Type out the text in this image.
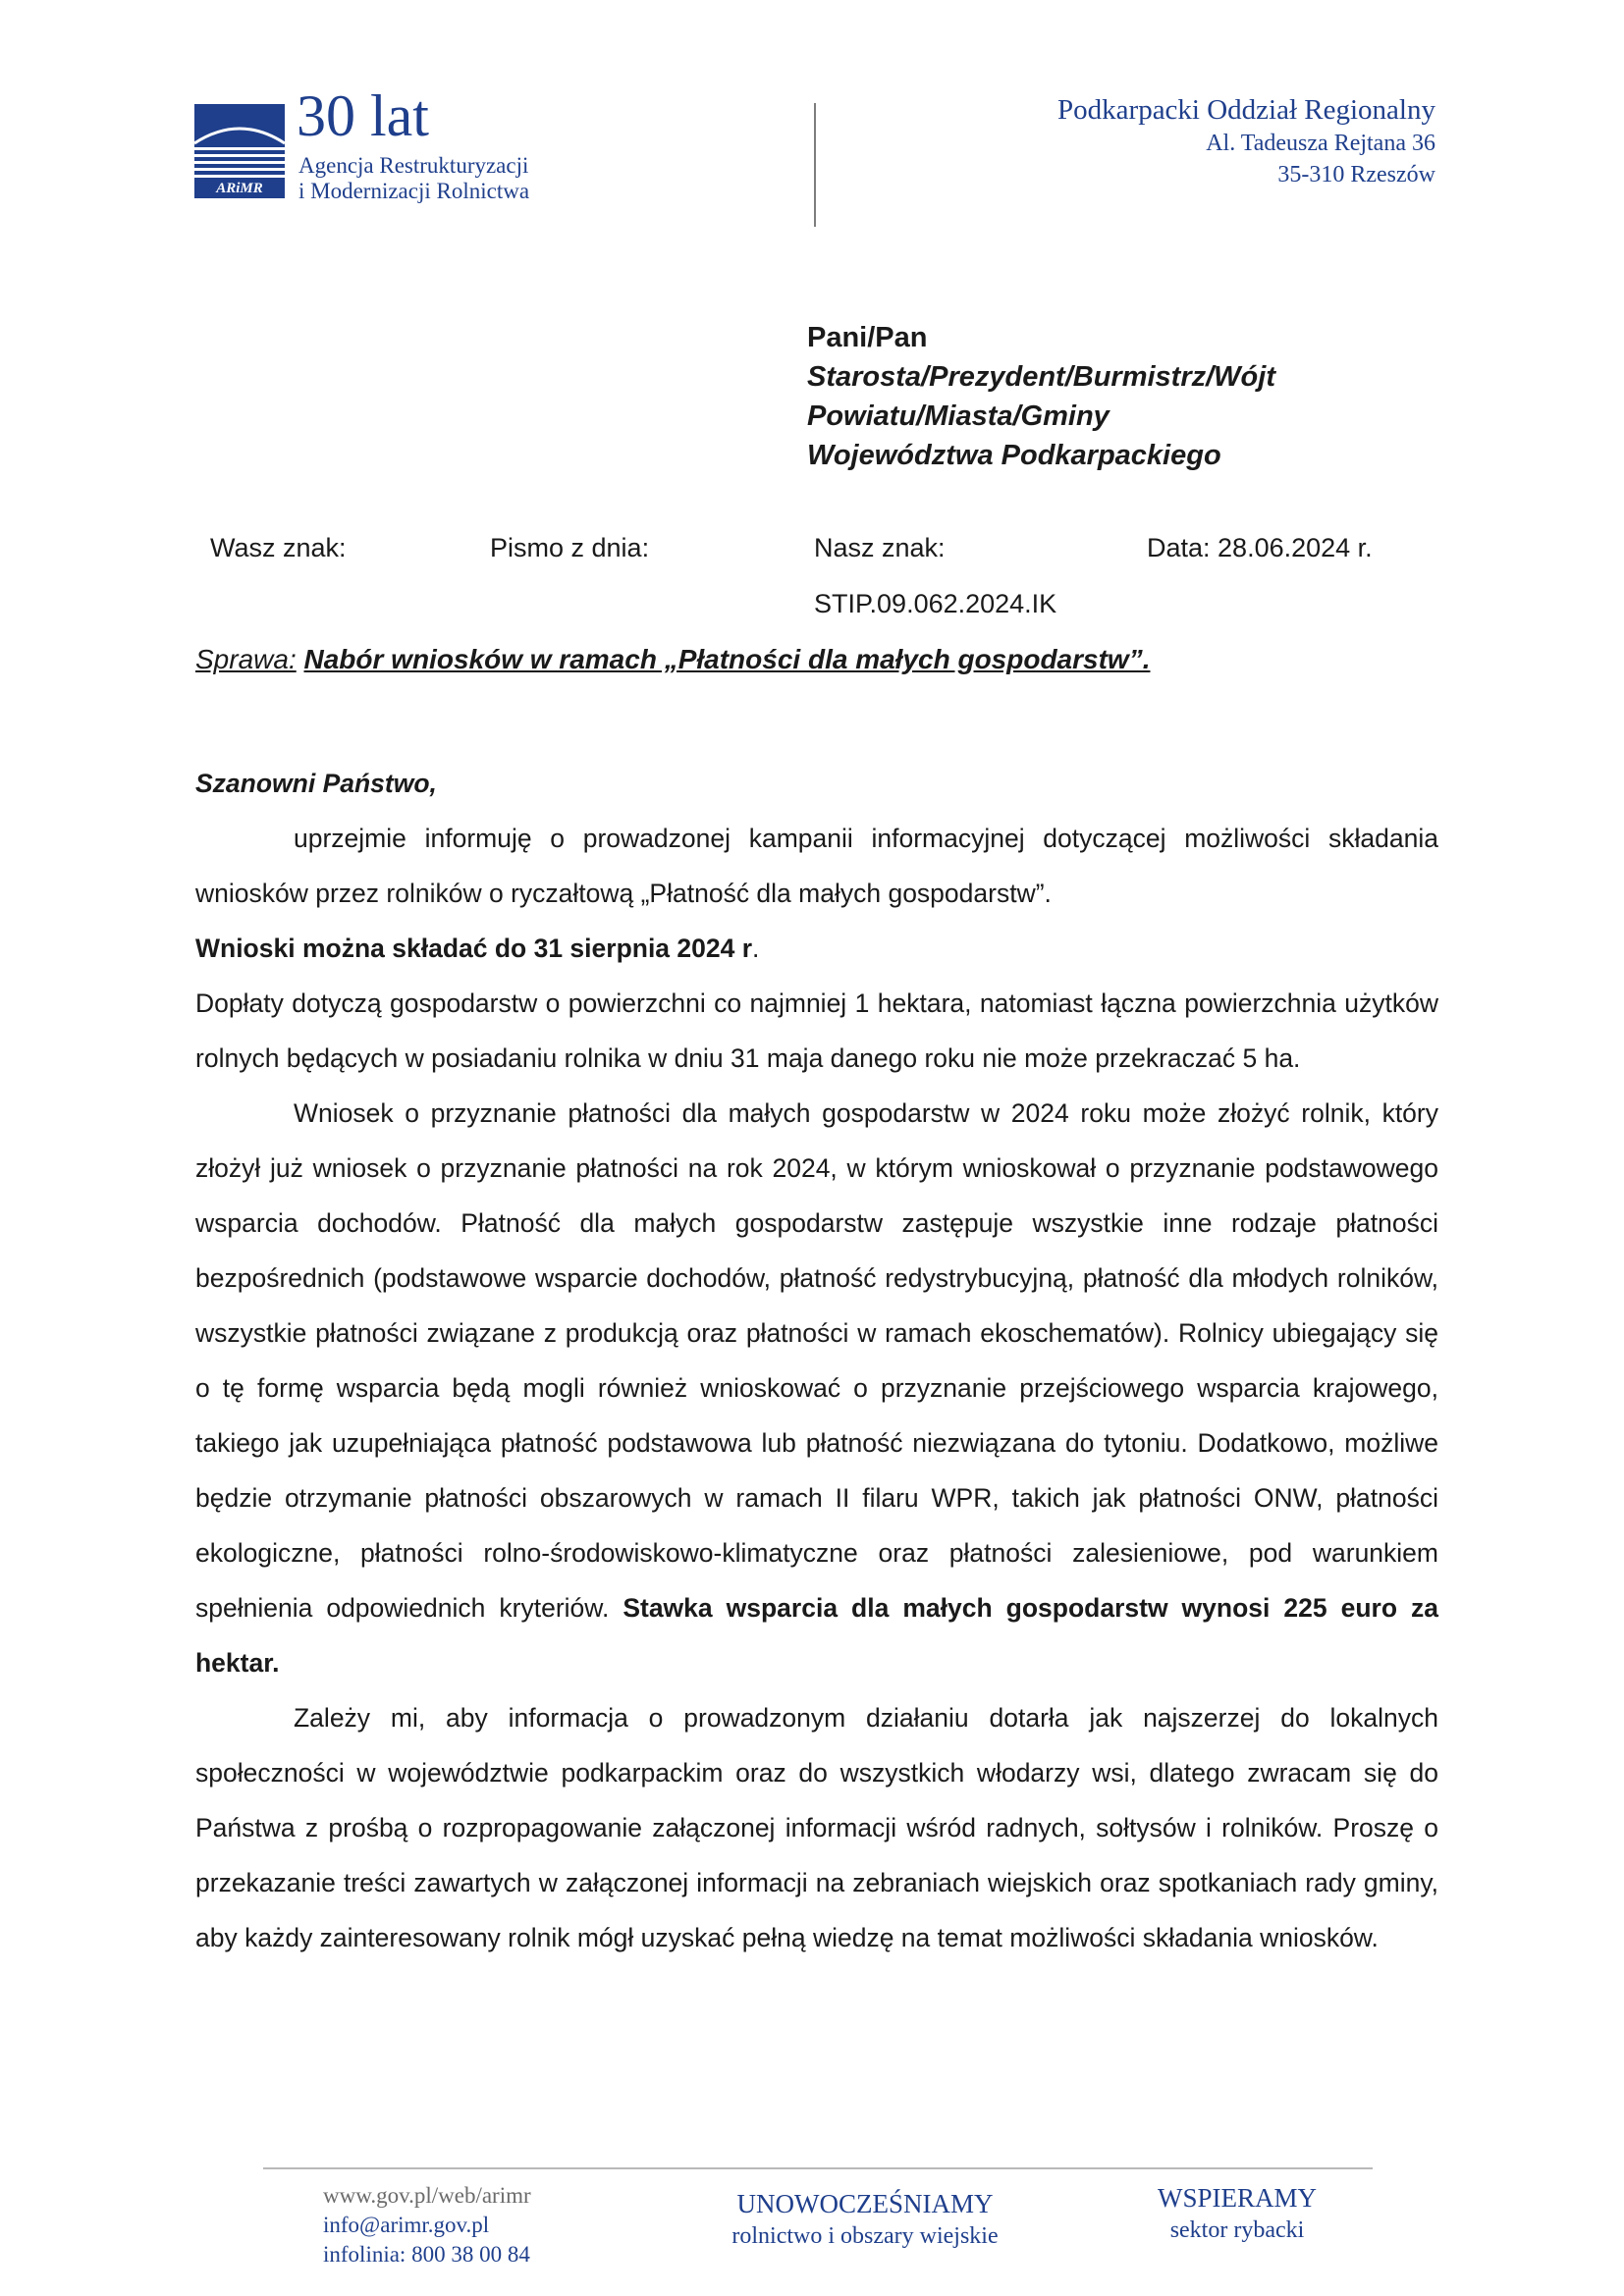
ARiMR
30 lat
Agencja Restrukturyzacji
i Modernizacji Rolnictwa
Podkarpacki Oddział Regionalny
Al. Tadeusza Rejtana 36
35-310 Rzeszów
Pani/Pan
Starosta/Prezydent/Burmistrz/Wójt
Powiatu/Miasta/Gminy
Województwa Podkarpackiego
Wasz znak:	Pismo z dnia:	Nasz znak:	Data: 28.06.2024 r.
STIP.09.062.2024.IK
Sprawa: Nabór wniosków w ramach „Płatności dla małych gospodarstw”.

Szanowni Państwo,

uprzejmie informuję o prowadzonej kampanii informacyjnej dotyczącej możliwości składania wniosków przez rolników o ryczałtową „Płatność dla małych gospodarstw”.

Wnioski można składać do 31 sierpnia 2024 r.

Dopłaty dotyczą gospodarstw o powierzchni co najmniej 1 hektara, natomiast łączna powierzchnia użytków rolnych będących w posiadaniu rolnika w dniu 31 maja danego roku nie może przekraczać 5 ha.

Wniosek o przyznanie płatności dla małych gospodarstw w 2024 roku może złożyć rolnik, który złożył już wniosek o przyznanie płatności na rok 2024, w którym wnioskował o przyznanie podstawowego wsparcia dochodów. Płatność dla małych gospodarstw zastępuje wszystkie inne rodzaje płatności bezpośrednich (podstawowe wsparcie dochodów, płatność redystrybucyjną, płatność dla młodych rolników, wszystkie płatności związane z produkcją oraz płatności w ramach ekoschematów). Rolnicy ubiegający się o tę formę wsparcia będą mogli również wnioskować o przyznanie przejściowego wsparcia krajowego, takiego jak uzupełniająca płatność podstawowa lub płatność niezwiązana do tytoniu. Dodatkowo, możliwe będzie otrzymanie płatności obszarowych w ramach II filaru WPR, takich jak płatności ONW, płatności ekologiczne, płatności rolno-środowiskowo-klimatyczne oraz płatności zalesieniowe, pod warunkiem spełnienia odpowiednich kryteriów. Stawka wsparcia dla małych gospodarstw wynosi 225 euro za hektar.

Zależy mi, aby informacja o prowadzonym działaniu dotarła jak najszerzej do lokalnych społeczności w województwie podkarpackim oraz do wszystkich włodarzy wsi, dlatego zwracam się do Państwa z prośbą o rozpropagowanie załączonej informacji wśród radnych, sołtysów i rolników. Proszę o przekazanie treści zawartych w załączonej informacji na zebraniach wiejskich oraz spotkaniach rady gminy, aby każdy zainteresowany rolnik mógł uzyskać pełną wiedzę na temat możliwości składania wniosków.

www.gov.pl/web/arimr
info@arimr.gov.pl
infolinia: 800 38 00 84
UNOWOCZEŚNIAMY
rolnictwo i obszary wiejskie
WSPIERAMY
sektor rybacki
